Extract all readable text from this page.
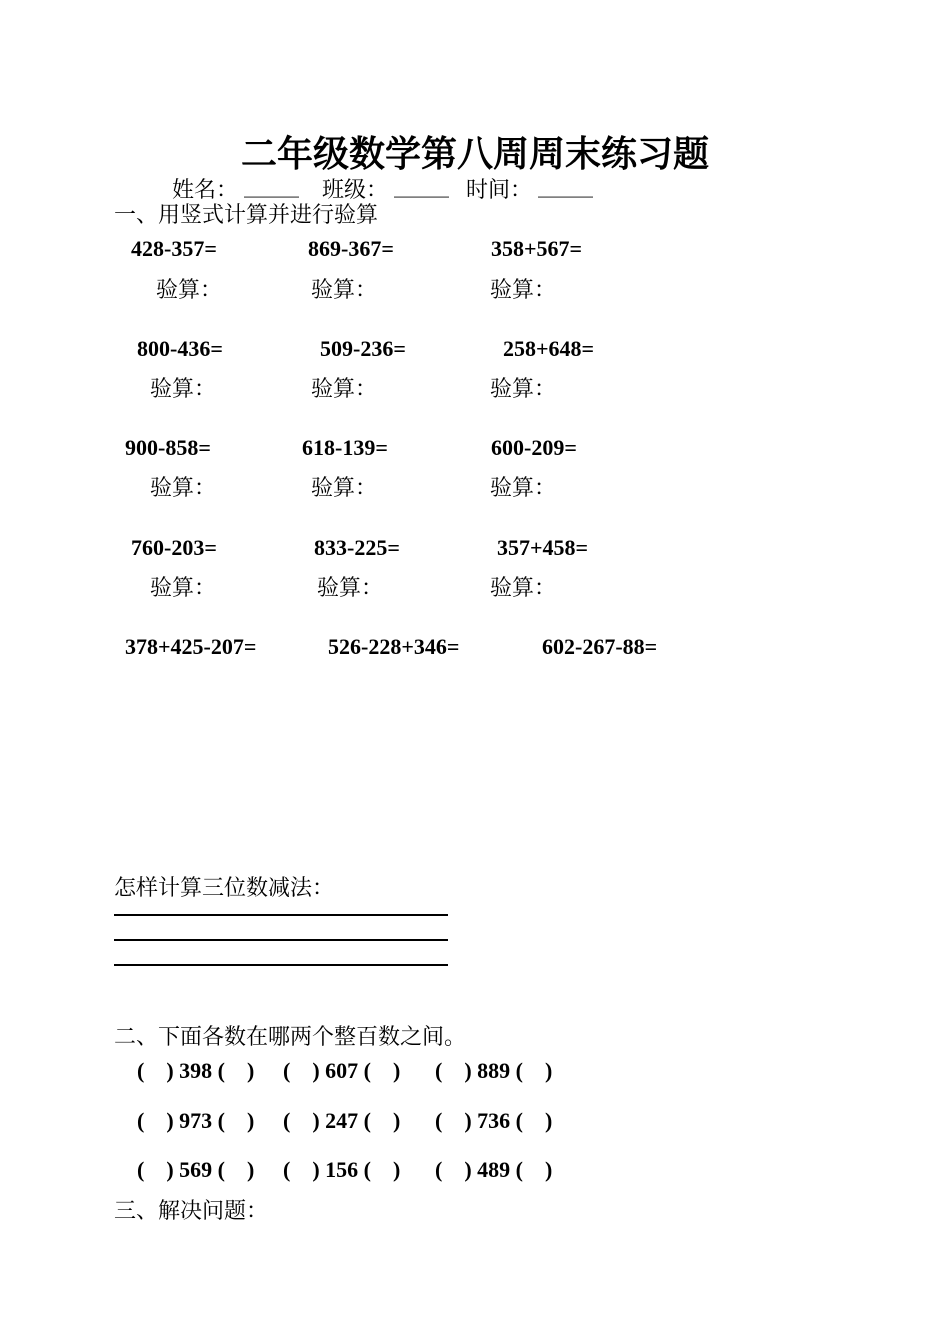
二年级数学第八周周末练习题
姓名： _____ 班级： _____ 时间： _____
一、用竖式计算并进行验算
428-357=	869-367=	358+567=
验算：	验算：	验算：
800-436=	509-236=	258+648=
验算：	验算：	验算：
900-858=	618-139=	600-209=
验算：	验算：	验算：
760-203=	833-225=	357+458=
验算：	验算：	验算：
378+425-207=	526-228+346=	602-267-88=
怎样计算三位数减法：
二、下面各数在哪两个整百数之间。
(    ) 398 (    ) (    ) 607 (    ) (    ) 889 (    )
(    ) 973 (    ) (    ) 247 (    ) (    ) 736 (    )
(    ) 569 (    ) (    ) 156 (    ) (    ) 489 (    )
三、解决问题：
